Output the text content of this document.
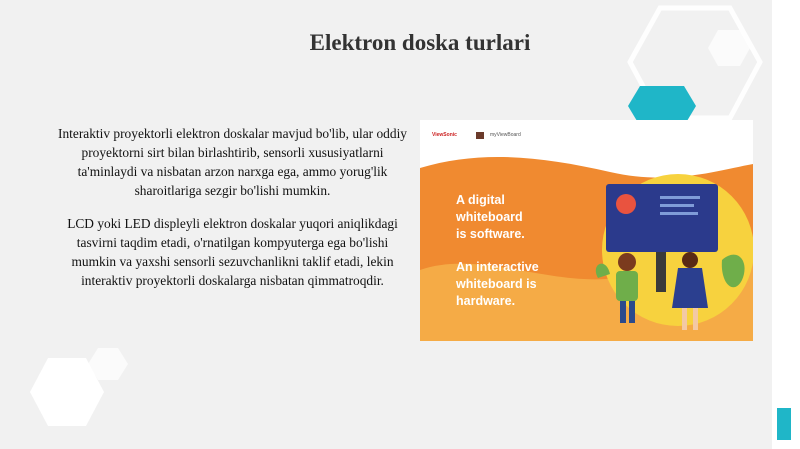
Elektron doska turlari
Interaktiv proyektorli elektron doskalar mavjud bo'lib, ular oddiy proyektorni sirt bilan birlashtirib, sensorli xususiyatlarni ta'minlaydi va nisbatan arzon narxga ega, ammo yorug'lik sharoitlariga sezgir bo'lishi mumkin.
LCD yoki LED displeyli elektron doskalar yuqori aniqlikdagi tasvirni taqdim etadi, o'rnatilgan kompyuterga ega bo'lishi mumkin va yaxshi sensorli sezuvchanlikni taklif etadi, lekin interaktiv proyektorli doskalarga nisbatan qimmatroqdir.
ViewSonic	myViewBoard
A digital
whiteboard
is software.
An interactive
whiteboard is
hardware.
